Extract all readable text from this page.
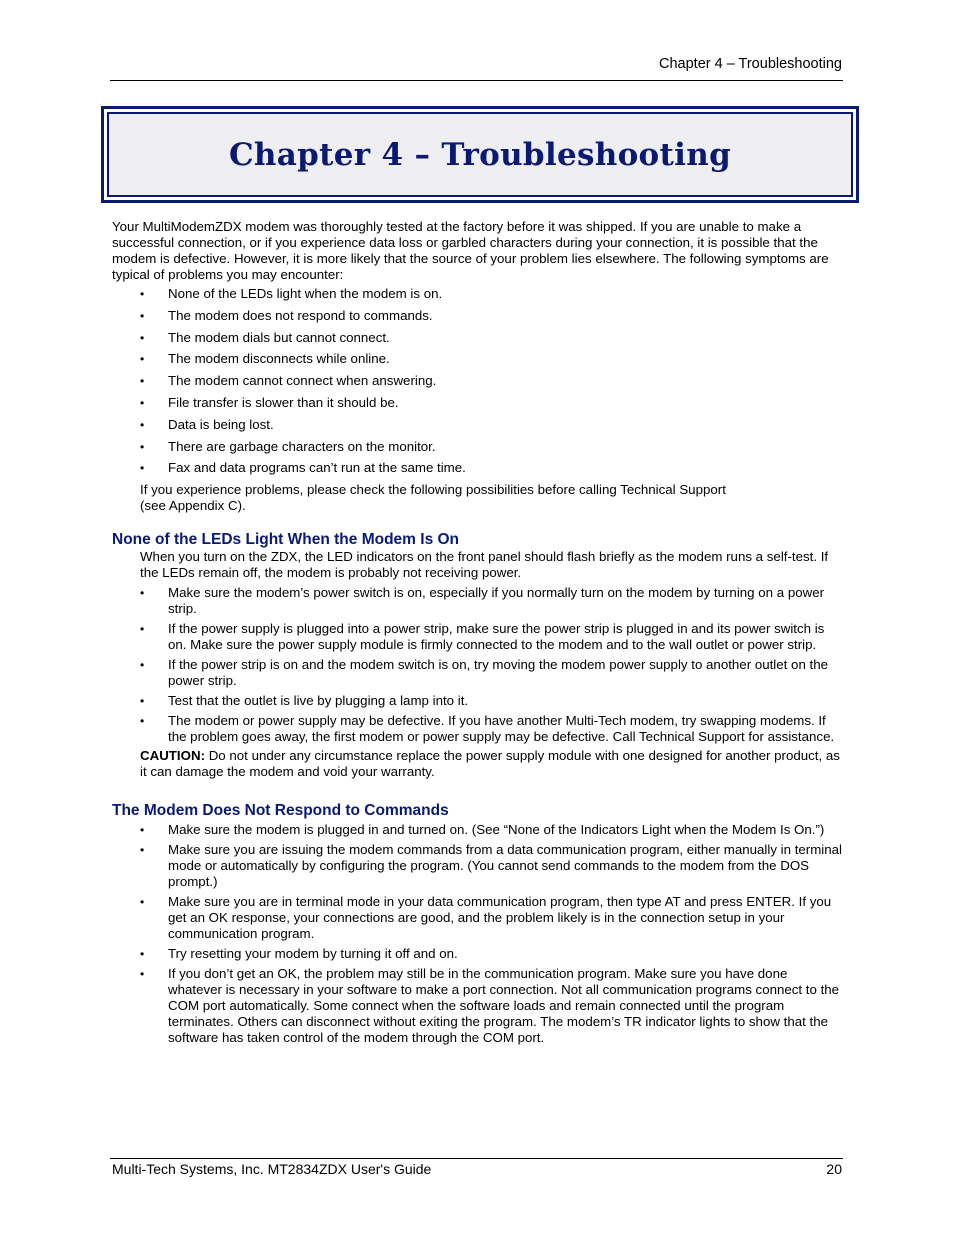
Chapter 4 – Troubleshooting
Chapter 4 – Troubleshooting

Your MultiModemZDX modem was thoroughly tested at the factory before it was shipped. If you are unable to make a successful connection, or if you experience data loss or garbled characters during your connection, it is possible that the modem is defective. However, it is more likely that the source of your problem lies elsewhere. The following symptoms are typical of problems you may encounter:

• None of the LEDs light when the modem is on.
• The modem does not respond to commands.
• The modem dials but cannot connect.
• The modem disconnects while online.
• The modem cannot connect when answering.
• File transfer is slower than it should be.
• Data is being lost.
• There are garbage characters on the monitor.
• Fax and data programs can’t run at the same time.

If you experience problems, please check the following possibilities before calling Technical Support
(see Appendix C).

None of the LEDs Light When the Modem Is On

When you turn on the ZDX, the LED indicators on the front panel should flash briefly as the modem runs a self-test. If the LEDs remain off, the modem is probably not receiving power.

• Make sure the modem’s power switch is on, especially if you normally turn on the modem by turning on a power strip.
• If the power supply is plugged into a power strip, make sure the power strip is plugged in and its power switch is on. Make sure the power supply module is firmly connected to the modem and to the wall outlet or power strip.
• If the power strip is on and the modem switch is on, try moving the modem power supply to another outlet on the power strip.
• Test that the outlet is live by plugging a lamp into it.
• The modem or power supply may be defective. If you have another Multi-Tech modem, try swapping modems. If the problem goes away, the first modem or power supply may be defective. Call Technical Support for assistance.

CAUTION: Do not under any circumstance replace the power supply module with one designed for another product, as it can damage the modem and void your warranty.

The Modem Does Not Respond to Commands
• Make sure the modem is plugged in and turned on. (See “None of the Indicators Light when the Modem Is On.”)
• Make sure you are issuing the modem commands from a data communication program, either manually in terminal mode or automatically by configuring the program. (You cannot send commands to the modem from the DOS prompt.)
• Make sure you are in terminal mode in your data communication program, then type AT and press ENTER. If you get an OK response, your connections are good, and the problem likely is in the connection setup in your communication program.
• Try resetting your modem by turning it off and on.
• If you don’t get an OK, the problem may still be in the communication program. Make sure you have done whatever is necessary in your software to make a port connection. Not all communication programs connect to the COM port automatically. Some connect when the software loads and remain connected until the program terminates. Others can disconnect without exiting the program. The modem’s TR indicator lights to show that the software has taken control of the modem through the COM port.
Multi-Tech Systems, Inc. MT2834ZDX User's Guide	20
